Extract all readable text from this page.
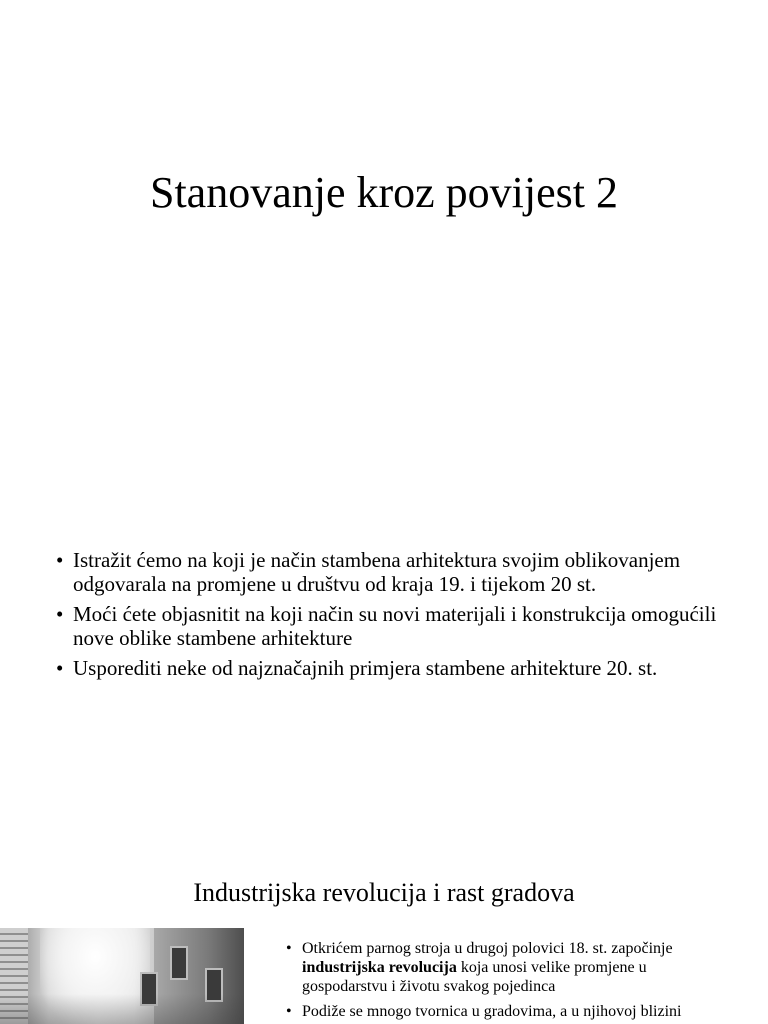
Stanovanje kroz povijest 2
• Istražit ćemo na koji je način stambena arhitektura svojim oblikovanjem odgovarala na promjene u društvu od kraja 19. i tijekom 20 st.
• Moći ćete objasnitit na koji način su novi materijali i konstrukcija omogućili nove oblike stambene arhitekture
• Usporediti neke od najznačajnih primjera stambene arhitekture 20. st.
Industrijska revolucija i rast gradova
• Otkrićem parnog stroja u drugoj polovici 18. st. započinje industrijska revolucija koja unosi velike promjene u gospodarstvu i životu svakog pojedinca
• Podiže se mnogo tvornica u gradovima, a u njihovoj blizini
